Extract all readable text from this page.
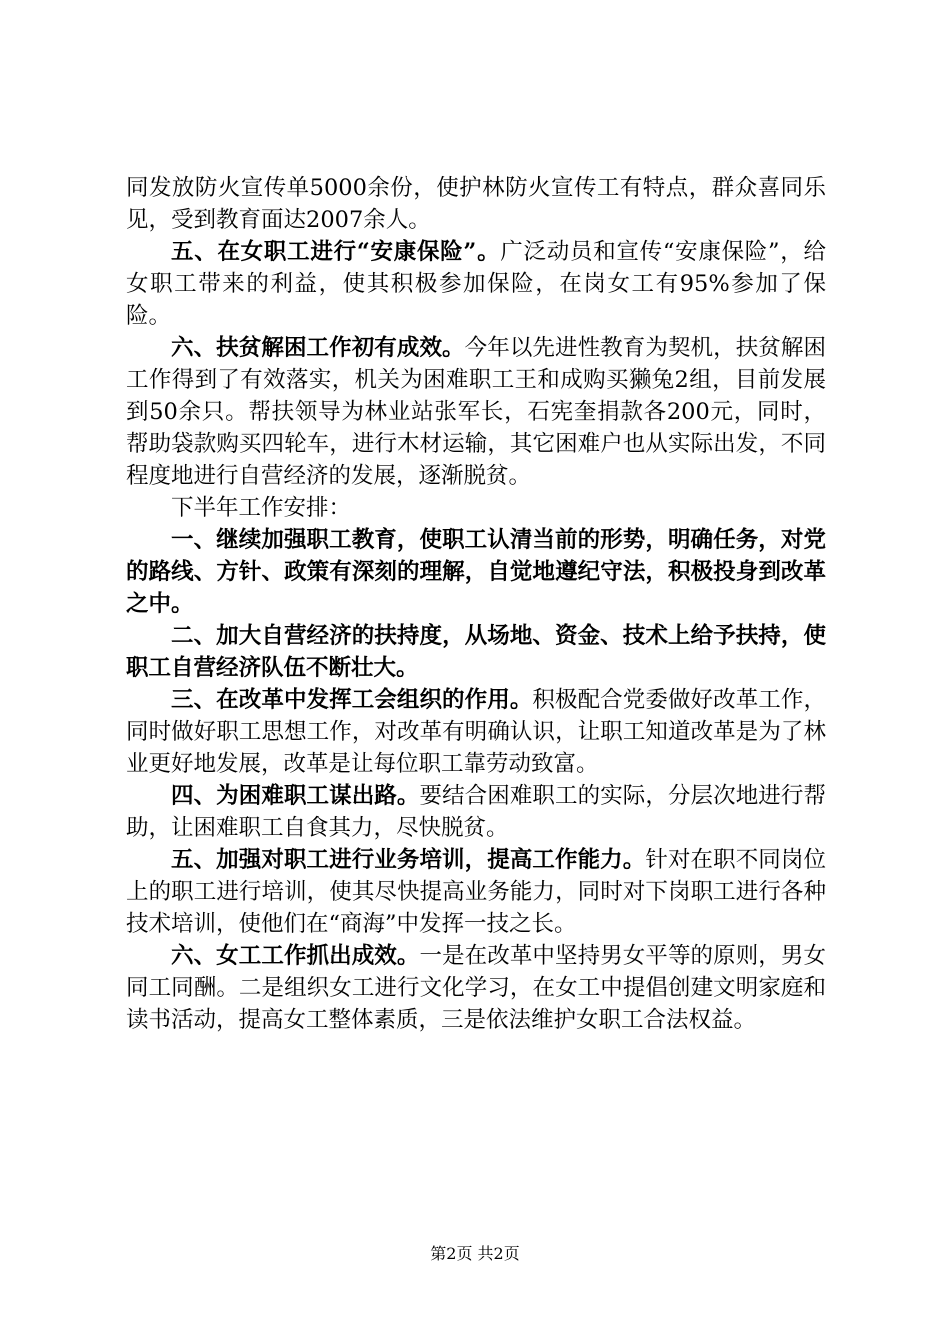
同发放防火宣传单5000余份，使护林防火宣传工有特点，群众喜同乐见，受到教育面达2007余人。

五、在女职工进行“安康保险”。广泛动员和宣传“安康保险”，给女职工带来的利益，使其积极参加保险，在岗女工有95%参加了保险。

六、扶贫解困工作初有成效。今年以先进性教育为契机，扶贫解困工作得到了有效落实，机关为困难职工王和成购买獭兔2组，目前发展到50余只。帮扶领导为林业站张军长，石宪奎捐款各200元，同时，帮助袋款购买四轮车，进行木材运输，其它困难户也从实际出发，不同程度地进行自营经济的发展，逐渐脱贫。

下半年工作安排：

一、继续加强职工教育，使职工认清当前的形势，明确任务，对党的路线、方针、政策有深刻的理解，自觉地遵纪守法，积极投身到改革之中。

二、加大自营经济的扶持度，从场地、资金、技术上给予扶持，使职工自营经济队伍不断壮大。

三、在改革中发挥工会组织的作用。积极配合党委做好改革工作，同时做好职工思想工作，对改革有明确认识，让职工知道改革是为了林业更好地发展，改革是让每位职工靠劳动致富。

四、为困难职工谋出路。要结合困难职工的实际，分层次地进行帮助，让困难职工自食其力，尽快脱贫。

五、加强对职工进行业务培训，提高工作能力。针对在职不同岗位上的职工进行培训，使其尽快提高业务能力，同时对下岗职工进行各种技术培训，使他们在“商海”中发挥一技之长。

六、女工工作抓出成效。一是在改革中坚持男女平等的原则，男女同工同酬。二是组织女工进行文化学习，在女工中提倡创建文明家庭和读书活动，提高女工整体素质，三是依法维护女职工合法权益。

第2页 共2页
